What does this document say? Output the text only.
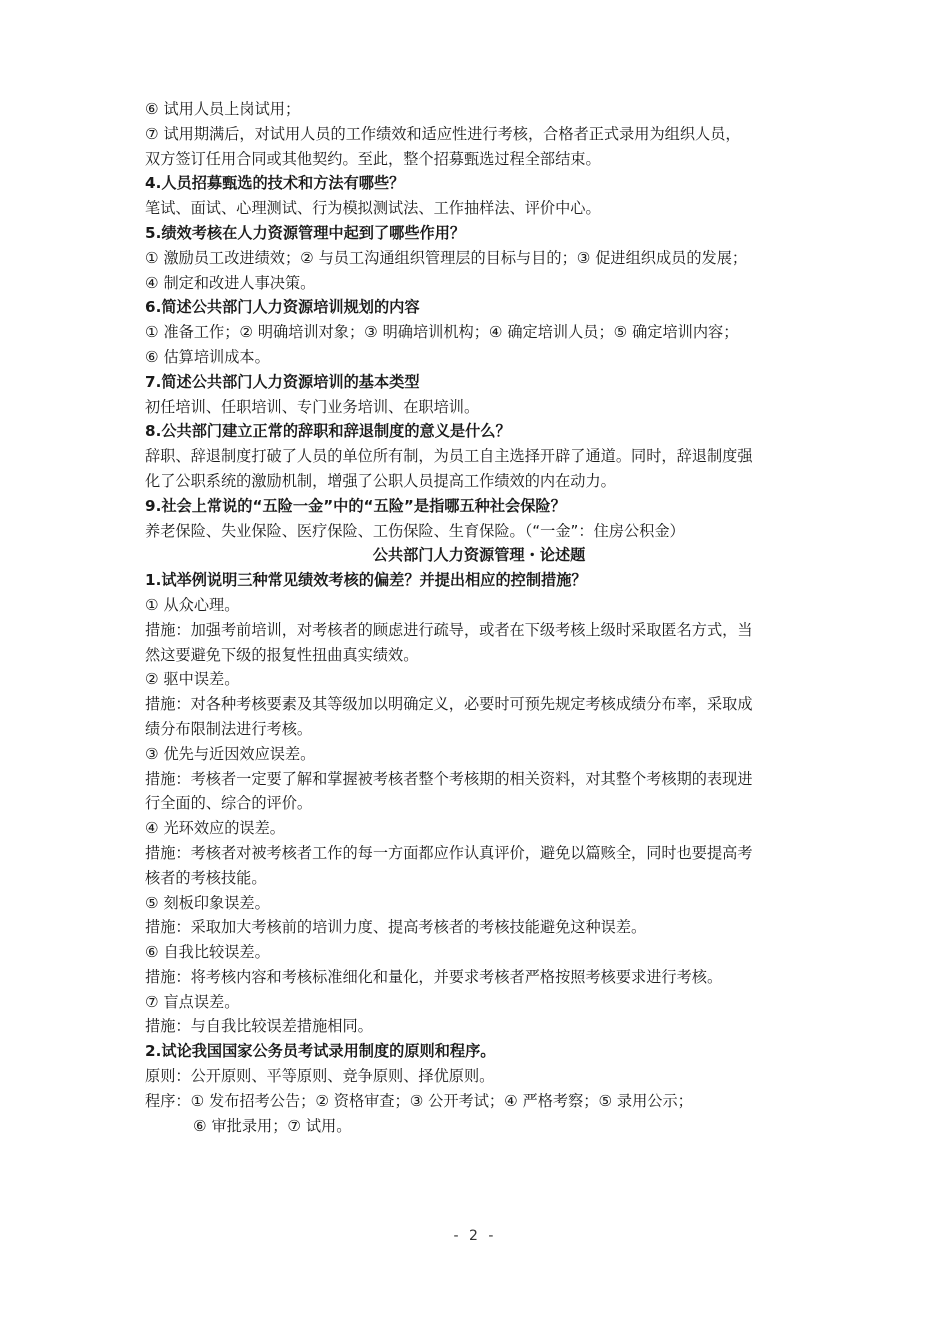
⑥ 试用人员上岗试用；
⑦ 试用期满后，对试用人员的工作绩效和适应性进行考核，合格者正式录用为组织人员，
双方签订任用合同或其他契约。至此，整个招募甄选过程全部结束。
4.人员招募甄选的技术和方法有哪些？
笔试、面试、心理测试、行为模拟测试法、工作抽样法、评价中心。
5.绩效考核在人力资源管理中起到了哪些作用？
① 激励员工改进绩效；② 与员工沟通组织管理层的目标与目的；③ 促进组织成员的发展；
④ 制定和改进人事决策。
6.简述公共部门人力资源培训规划的内容
① 准备工作；② 明确培训对象；③ 明确培训机构；④ 确定培训人员；⑤ 确定培训内容；
⑥ 估算培训成本。
7.简述公共部门人力资源培训的基本类型
初任培训、任职培训、专门业务培训、在职培训。
8.公共部门建立正常的辞职和辞退制度的意义是什么？
辞职、辞退制度打破了人员的单位所有制，为员工自主选择开辟了通道。同时，辞退制度强
化了公职系统的激励机制，增强了公职人员提高工作绩效的内在动力。
9.社会上常说的“五险一金”中的“五险”是指哪五种社会保险？
养老保险、失业保险、医疗保险、工伤保险、生育保险。（“一金”：住房公积金）
公共部门人力资源管理・论述题
1.试举例说明三种常见绩效考核的偏差？并提出相应的控制措施？
① 从众心理。
措施：加强考前培训，对考核者的顾虑进行疏导，或者在下级考核上级时采取匿名方式，当
然这要避免下级的报复性扭曲真实绩效。
② 驱中误差。
措施：对各种考核要素及其等级加以明确定义，必要时可预先规定考核成绩分布率，采取成
绩分布限制法进行考核。
③ 优先与近因效应误差。
措施：考核者一定要了解和掌握被考核者整个考核期的相关资料，对其整个考核期的表现进
行全面的、综合的评价。
④ 光环效应的误差。
措施：考核者对被考核者工作的每一方面都应作认真评价，避免以篇赅全，同时也要提高考
核者的考核技能。
⑤ 刻板印象误差。
措施：采取加大考核前的培训力度、提高考核者的考核技能避免这种误差。
⑥ 自我比较误差。
措施：将考核内容和考核标准细化和量化，并要求考核者严格按照考核要求进行考核。
⑦ 盲点误差。
措施：与自我比较误差措施相同。
2.试论我国国家公务员考试录用制度的原则和程序。
原则：公开原则、平等原则、竞争原则、择优原则。
程序：① 发布招考公告；② 资格审查；③ 公开考试；④ 严格考察；⑤ 录用公示；
⑥ 审批录用；⑦ 试用。
- 2 -
